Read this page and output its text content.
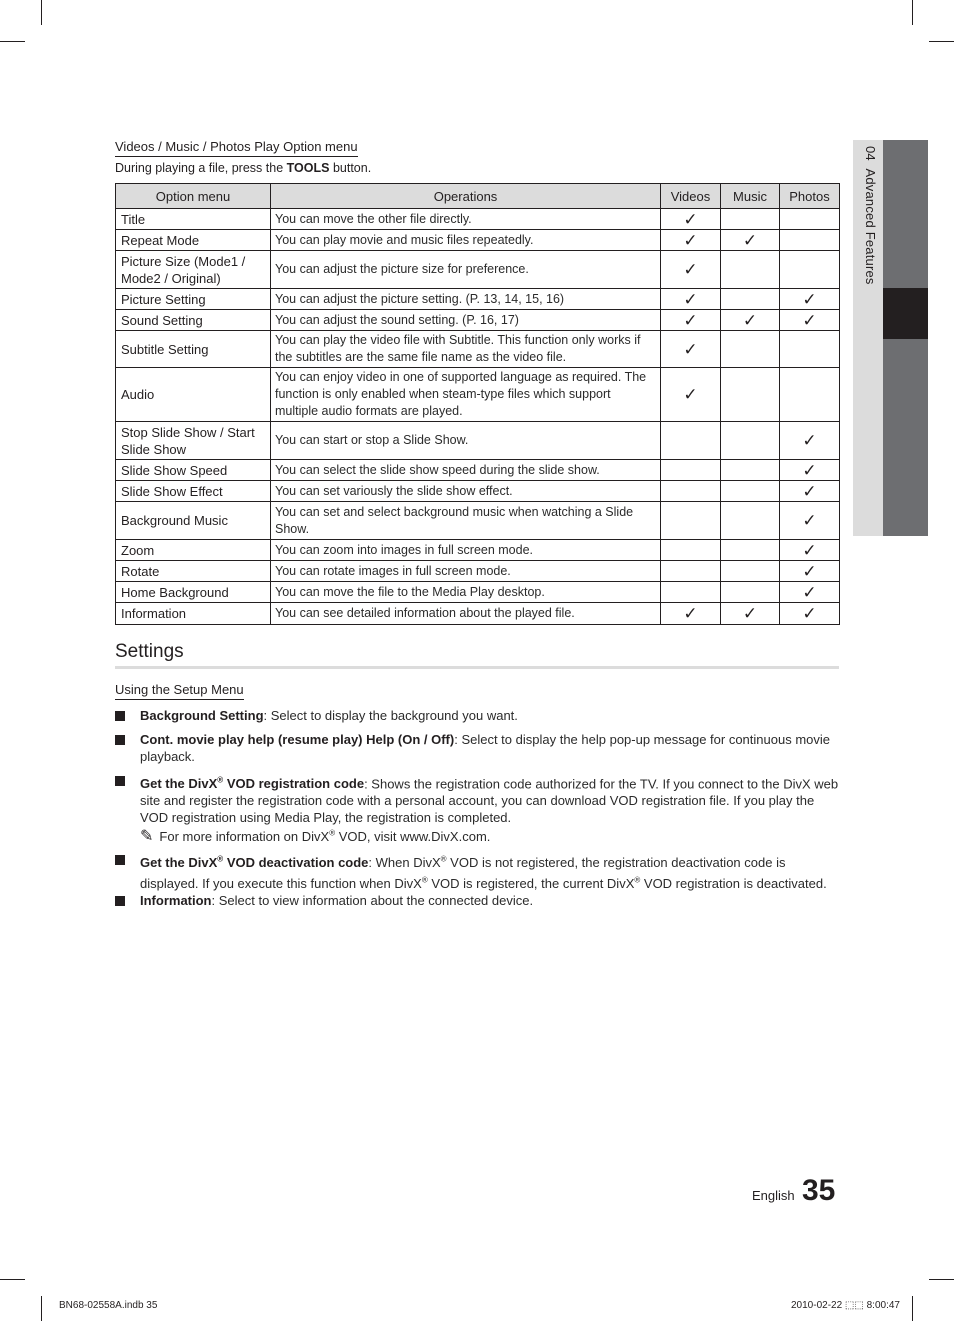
04  Advanced Features
Videos / Music / Photos Play Option menu
During playing a file, press the TOOLS button.
Option menu	Operations	Videos	Music	Photos
Title	You can move the other file directly.	✓		
Repeat Mode	You can play movie and music files repeatedly.	✓	✓	
Picture Size (Mode1 / Mode2 / Original)	You can adjust the picture size for preference.	✓		
Picture Setting	You can adjust the picture setting. (P. 13, 14, 15, 16)	✓		✓
Sound Setting	You can adjust the sound setting. (P. 16, 17)	✓	✓	✓
Subtitle Setting	You can play the video file with Subtitle. This function only works if the subtitles are the same file name as the video file.	✓		
Audio	You can enjoy video in one of supported language as required. The function is only enabled when steam-type files which support multiple audio formats are played.	✓		
Stop Slide Show / Start Slide Show	You can start or stop a Slide Show.			✓
Slide Show Speed	You can select the slide show speed during the slide show.			✓
Slide Show Effect	You can set variously the slide show effect.			✓
Background Music	You can set and select background music when watching a Slide Show.			✓
Zoom	You can zoom into images in full screen mode.			✓
Rotate	You can rotate images in full screen mode.			✓
Home Background	You can move the file to the Media Play desktop.			✓
Information	You can see detailed information about the played file.	✓	✓	✓
Settings
Using the Setup Menu
Background Setting: Select to display the background you want.
Cont. movie play help (resume play) Help (On / Off): Select to display the help pop-up message for continuous movie playback.
Get the DivX® VOD registration code: Shows the registration code authorized for the TV. If you connect to the DivX web site and register the registration code with a personal account, you can download VOD registration file. If you play the VOD registration using Media Play, the registration is completed.
✎ For more information on DivX® VOD, visit www.DivX.com.
Get the DivX® VOD deactivation code: When DivX® VOD is not registered, the registration deactivation code is displayed. If you execute this function when DivX® VOD is registered, the current DivX® VOD registration is deactivated.
Information: Select to view information about the connected device.
English 35
BN68-02558A.indb 35	2010-02-22 ⬚⬚ 8:00:47
